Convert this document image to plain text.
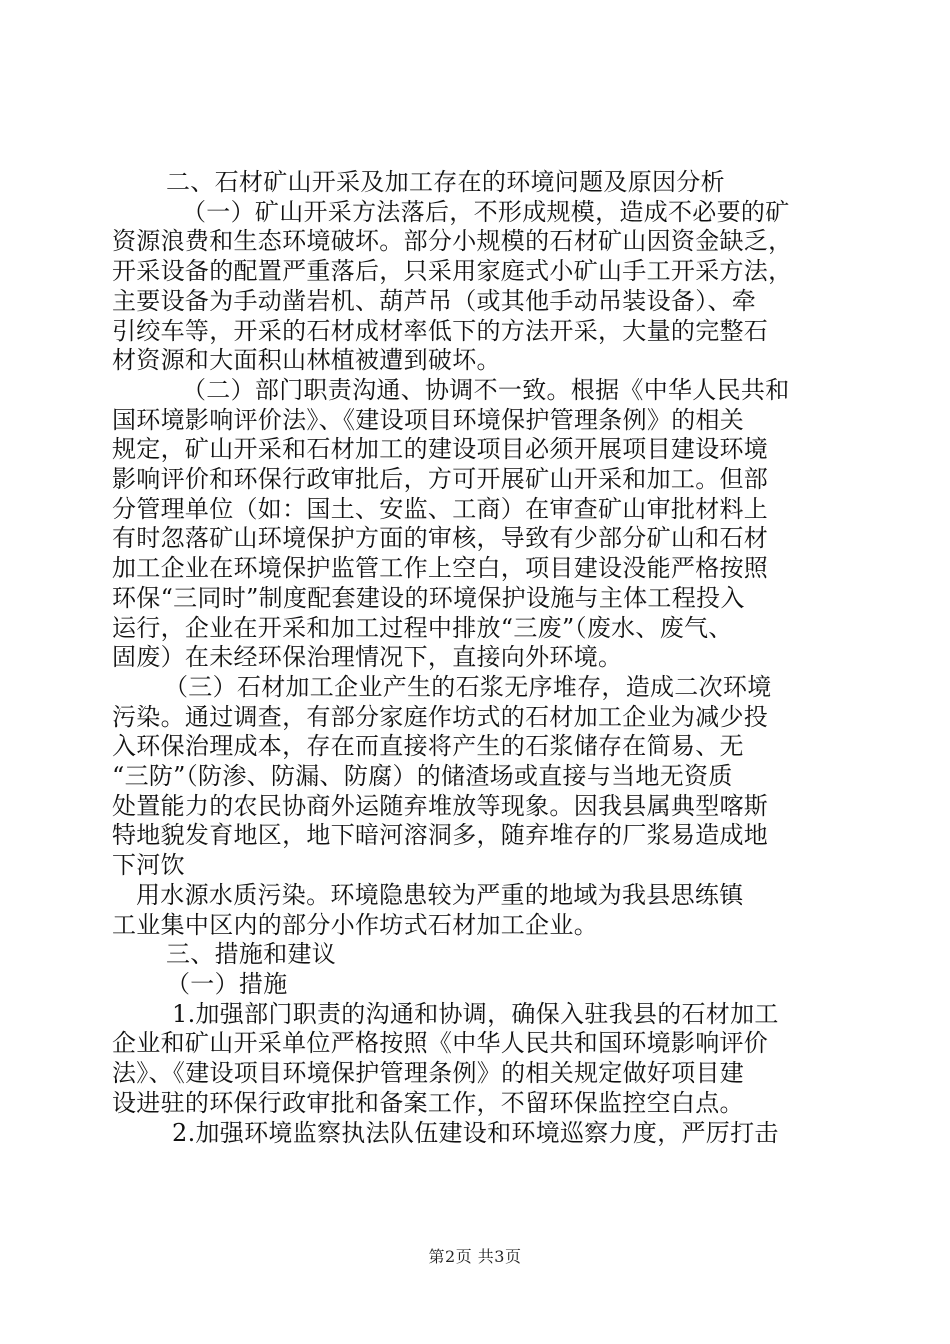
二、石材矿山开采及加工存在的环境问题及原因分析
（一）矿山开采方法落后，不形成规模，造成不必要的矿
资源浪费和生态环境破坏。部分小规模的石材矿山因资金缺乏，
开采设备的配置严重落后，只采用家庭式小矿山手工开采方法，
主要设备为手动凿岩机、葫芦吊（或其他手动吊装设备）、牵
引绞车等，开采的石材成材率低下的方法开采，大量的完整石
材资源和大面积山林植被遭到破坏。
（二）部门职责沟通、协调不一致。根据《中华人民共和
国环境影响评价法》、《建设项目环境保护管理条例》的相关
规定，矿山开采和石材加工的建设项目必须开展项目建设环境
影响评价和环保行政审批后，方可开展矿山开采和加工。但部
分管理单位（如：国土、安监、工商）在审查矿山审批材料上
有时忽落矿山环境保护方面的审核，导致有少部分矿山和石材
加工企业在环境保护监管工作上空白，项目建设没能严格按照
环保“三同时”制度配套建设的环境保护设施与主体工程投入
运行，企业在开采和加工过程中排放“三废”（废水、废气、
固废）在未经环保治理情况下，直接向外环境。
（三）石材加工企业产生的石浆无序堆存，造成二次环境
污染。通过调查，有部分家庭作坊式的石材加工企业为减少投
入环保治理成本，存在而直接将产生的石浆储存在简易、无
“三防”（防渗、防漏、防腐）的储渣场或直接与当地无资质
处置能力的农民协商外运随弃堆放等现象。因我县属典型喀斯
特地貌发育地区，地下暗河溶洞多，随弃堆存的厂浆易造成地
下河饮
用水源水质污染。环境隐患较为严重的地域为我县思练镇
工业集中区内的部分小作坊式石材加工企业。
三、措施和建议
（一）措施
1.加强部门职责的沟通和协调，确保入驻我县的石材加工
企业和矿山开采单位严格按照《中华人民共和国环境影响评价
法》、《建设项目环境保护管理条例》的相关规定做好项目建
设进驻的环保行政审批和备案工作，不留环保监控空白点。
2.加强环境监察执法队伍建设和环境巡察力度，严厉打击
第2页 共3页
